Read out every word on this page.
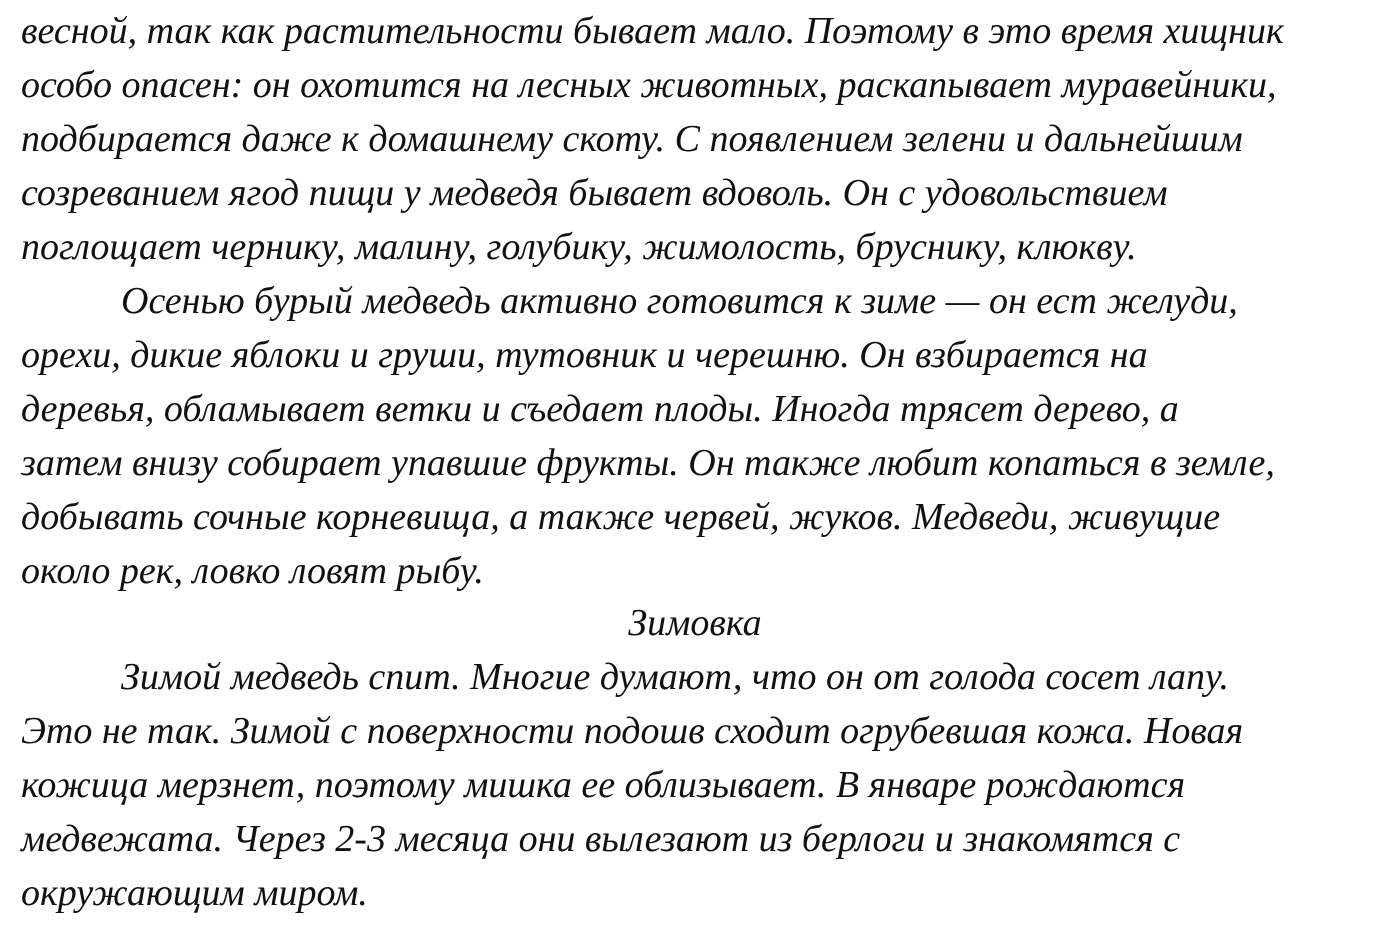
весной, так как растительности бывает мало. Поэтому в это время хищник
особо опасен: он охотится на лесных животных, раскапывает муравейники,
подбирается даже к домашнему скоту. С появлением зелени и дальнейшим
созреванием ягод пищи у медведя бывает вдоволь. Он с удовольствием
поглощает чернику, малину, голубику, жимолость, бруснику, клюкву.
Осенью бурый медведь активно готовится к зиме — он ест желуди,
орехи, дикие яблоки и груши, тутовник и черешню. Он взбирается на
деревья, обламывает ветки и съедает плоды. Иногда трясет дерево, а
затем внизу собирает упавшие фрукты. Он также любит копаться в земле,
добывать сочные корневища, а также червей, жуков. Медведи, живущие
около рек, ловко ловят рыбу.
Зимовка
Зимой медведь спит. Многие думают, что он от голода сосет лапу.
Это не так. Зимой с поверхности подошв сходит огрубевшая кожа. Новая
кожица мерзнет, поэтому мишка ее облизывает. В январе рождаются
медвежата. Через 2-3 месяца они вылезают из берлоги и знакомятся с
окружающим миром.
